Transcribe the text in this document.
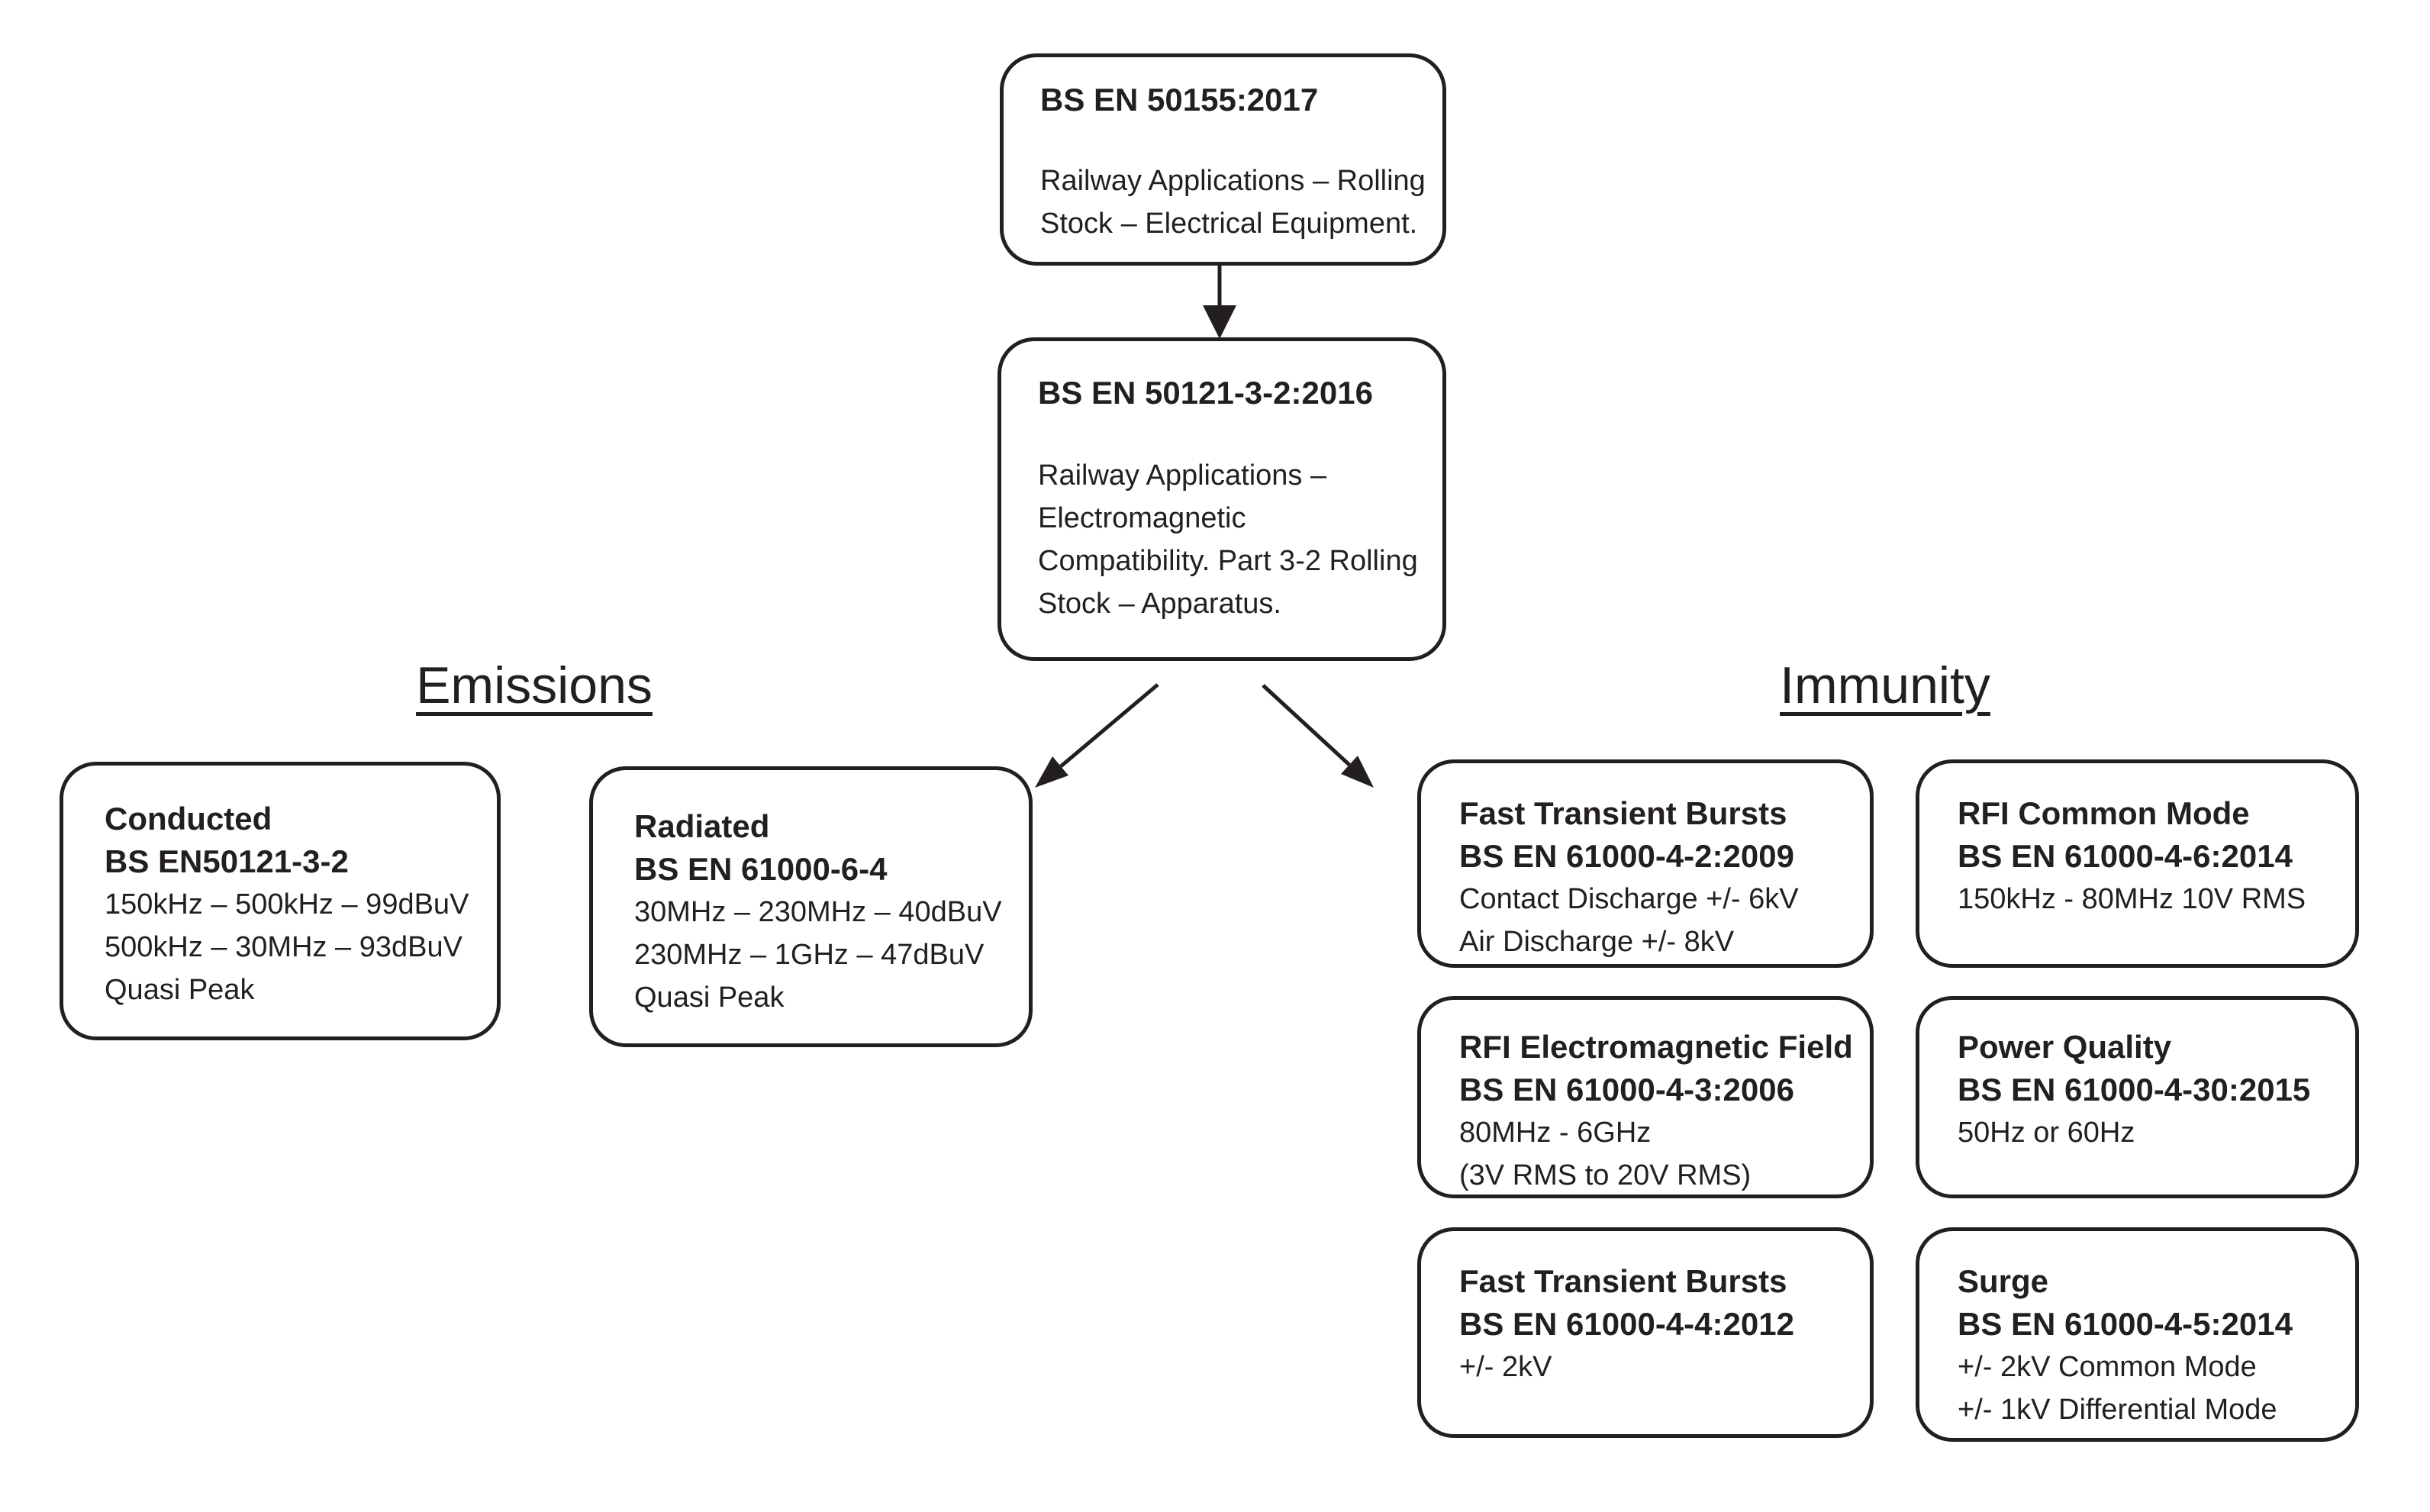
BS EN 50155:2017
Railway Applications – Rolling
Stock – Electrical Equipment.
BS EN 50121-3-2:2016
Railway Applications –
Electromagnetic
Compatibility. Part 3-2 Rolling
Stock – Apparatus.
Emissions	Immunity
Conducted
BS EN50121-3-2
150kHz – 500kHz – 99dBuV
500kHz – 30MHz – 93dBuV
Quasi Peak
Radiated
BS EN 61000-6-4
30MHz – 230MHz – 40dBuV
230MHz – 1GHz – 47dBuV
Quasi Peak
Fast Transient Bursts
BS EN 61000-4-2:2009
Contact Discharge +/- 6kV
Air Discharge +/- 8kV
RFI Common Mode
BS EN 61000-4-6:2014
150kHz - 80MHz 10V RMS
RFI Electromagnetic Field
BS EN 61000-4-3:2006
80MHz - 6GHz
(3V RMS to 20V RMS)
Power Quality
BS EN 61000-4-30:2015
50Hz or 60Hz
Fast Transient Bursts
BS EN 61000-4-4:2012
+/- 2kV
Surge
BS EN 61000-4-5:2014
+/- 2kV Common Mode
+/- 1kV Differential Mode
